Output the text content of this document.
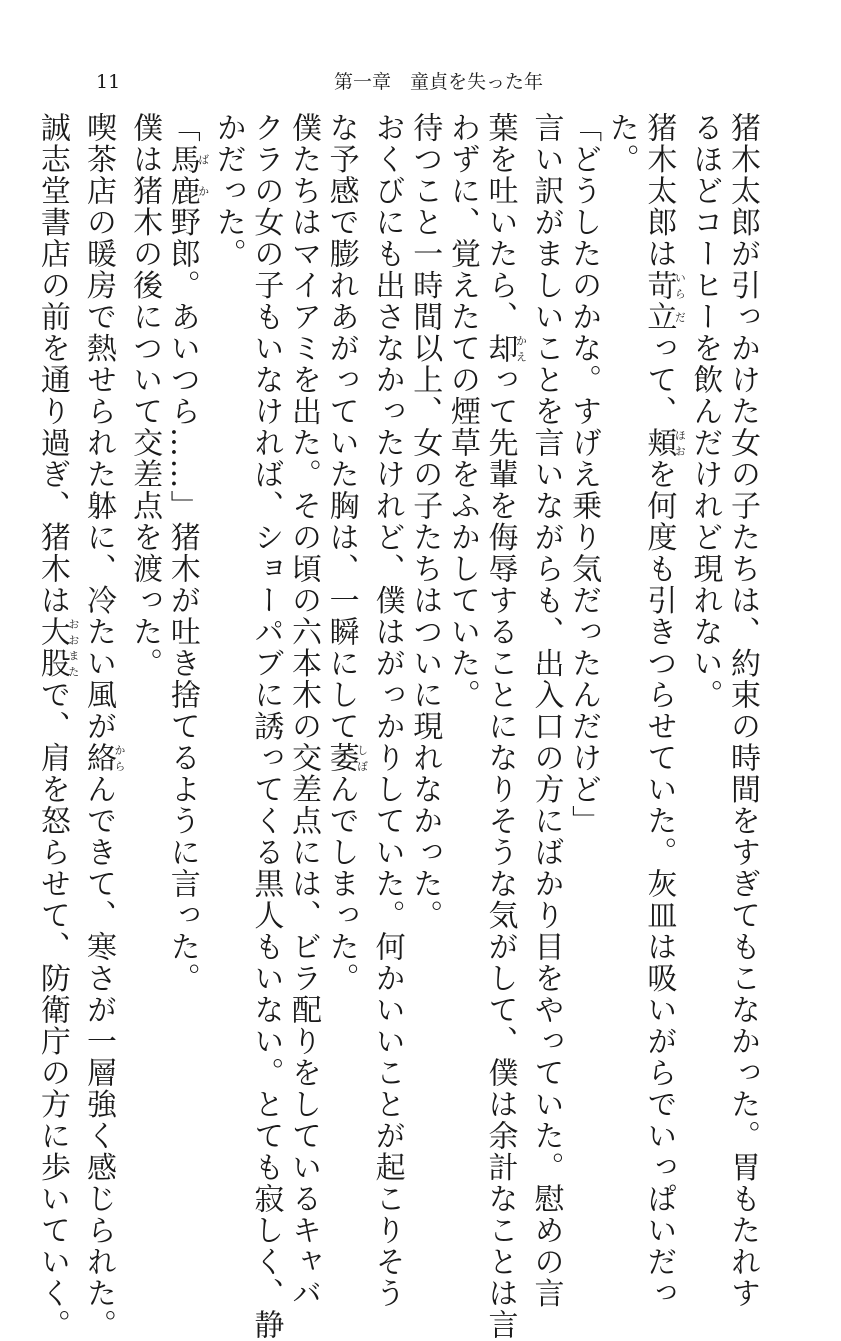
11	第一章　童貞を失った年

猪木太郎が引っかけた女の子たちは、約束の時間をすぎてもこなかった。胃もたれす

るほどコーヒーを飲んだけれど現れない。

猪木太郎は苛いら立だって、頬ほおを何度も引きつらせていた。灰皿は吸いがらでいっぱいだっ

た。

「どうしたのかな。すげえ乗り気だったんだけど」

言い訳がましいことを言いながらも、出入口の方にばかり目をやっていた。慰めの言

葉を吐いたら、却かえって先輩を侮辱することになりそうな気がして、僕は余計なことは言

わずに、覚えたての煙草をふかしていた。

待つこと一時間以上、女の子たちはついに現れなかった。

おくびにも出さなかったけれど、僕はがっかりしていた。何かいいことが起こりそう

な予感で膨れあがっていた胸は、一瞬にして萎しぼんでしまった。

僕たちはマイアミを出た。その頃の六本木の交差点には、ビラ配りをしているキャバ

クラの女の子もいなければ、ショーパブに誘ってくる黒人もいない。とても寂しく、静

かだった。

「馬鹿ばか野郎。あいつら……」猪木が吐き捨てるように言った。

僕は猪木の後について交差点を渡った。

喫茶店の暖房で熱せられた躰に、冷たい風が絡からんできて、寒さが一層強く感じられた。

誠志堂書店の前を通り過ぎ、猪木は大股おおまたで、肩を怒らせて、防衛庁の方に歩いていく。
